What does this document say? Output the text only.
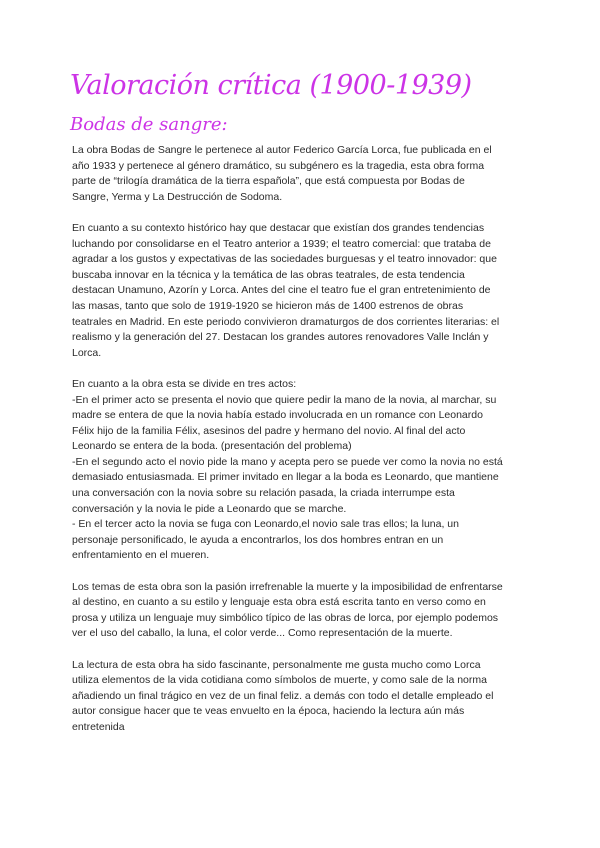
Valoración crítica (1900-1939)
Bodas de sangre:

La obra Bodas de Sangre le pertenece al autor Federico García Lorca, fue publicada en el
año 1933 y pertenece al género dramático, su subgénero es la tragedia, esta obra forma
parte de “trilogía dramática de la tierra española”, que está compuesta por Bodas de
Sangre, Yerma y La Destrucción de Sodoma.

En cuanto a su contexto histórico hay que destacar que existían dos grandes tendencias
luchando por consolidarse en el Teatro anterior a 1939; el teatro comercial: que trataba de
agradar a los gustos y expectativas de las sociedades burguesas y el teatro innovador: que
buscaba innovar en la técnica y la temática de las obras teatrales, de esta tendencia
destacan Unamuno, Azorín y Lorca. Antes del cine el teatro fue el gran entretenimiento de
las masas, tanto que solo de 1919-1920 se hicieron más de 1400 estrenos de obras
teatrales en Madrid. En este periodo convivieron dramaturgos de dos corrientes literarias: el
realismo y la generación del 27. Destacan los grandes autores renovadores Valle Inclán y
Lorca.

En cuanto a la obra esta se divide en tres actos:
-En el primer acto se presenta el novio que quiere pedir la mano de la novia, al marchar, su
madre se entera de que la novia había estado involucrada en un romance con Leonardo
Félix hijo de la familia Félix, asesinos del padre y hermano del novio. Al final del acto
Leonardo se entera de la boda. (presentación del problema)
-En el segundo acto el novio pide la mano y acepta pero se puede ver como la novia no está
demasiado entusiasmada. El primer invitado en llegar a la boda es Leonardo, que mantiene
una conversación con la novia sobre su relación pasada, la criada interrumpe esta
conversación y la novia le pide a Leonardo que se marche.
- En el tercer acto la novia se fuga con Leonardo,el novio sale tras ellos; la luna, un
personaje personificado, le ayuda a encontrarlos, los dos hombres entran en un
enfrentamiento en el mueren.

Los temas de esta obra son la pasión irrefrenable la muerte y la imposibilidad de enfrentarse
al destino, en cuanto a su estilo y lenguaje esta obra está escrita tanto en verso como en
prosa y utiliza un lenguaje muy simbólico típico de las obras de lorca, por ejemplo podemos
ver el uso del caballo, la luna, el color verde... Como representación de la muerte.

La lectura de esta obra ha sido fascinante, personalmente me gusta mucho como Lorca
utiliza elementos de la vida cotidiana como símbolos de muerte, y como sale de la norma
añadiendo un final trágico en vez de un final feliz. a demás con todo el detalle empleado el
autor consigue hacer que te veas envuelto en la época, haciendo la lectura aún más
entretenida
